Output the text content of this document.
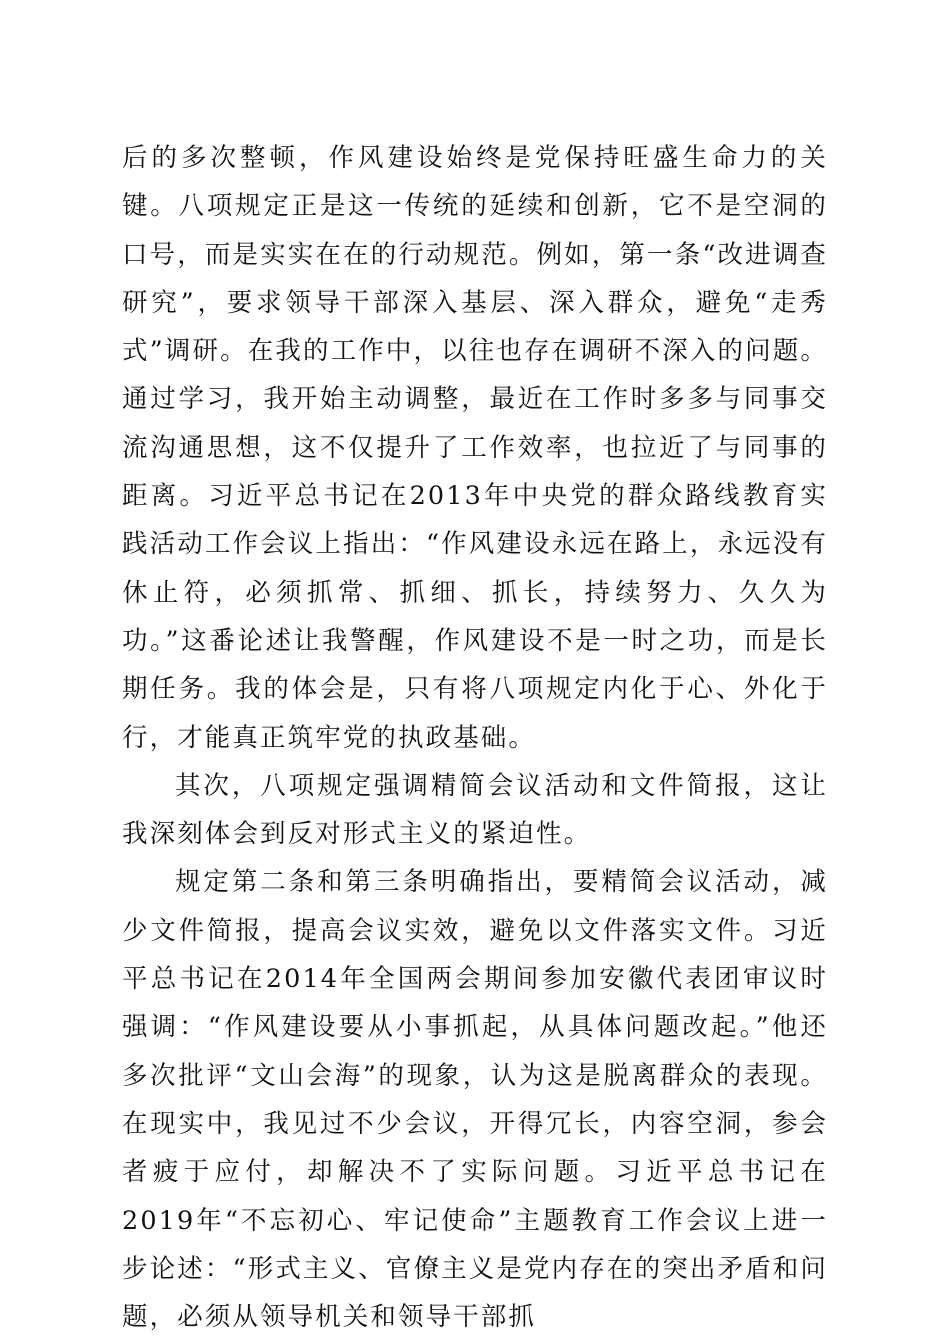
后的多次整顿，作风建设始终是党保持旺盛生命力的关键。八项规定正是这一传统的延续和创新，它不是空洞的口号，而是实实在在的行动规范。例如，第一条“改进调查研究”，要求领导干部深入基层、深入群众，避免“走秀式”调研。在我的工作中，以往也存在调研不深入的问题。通过学习，我开始主动调整，最近在工作时多多与同事交流沟通思想，这不仅提升了工作效率，也拉近了与同事的距离。习近平总书记在2013年中央党的群众路线教育实践活动工作会议上指出：“作风建设永远在路上，永远没有休止符，必须抓常、抓细、抓长，持续努力、久久为功。”这番论述让我警醒，作风建设不是一时之功，而是长期任务。我的体会是，只有将八项规定内化于心、外化于行，才能真正筑牢党的执政基础。

其次，八项规定强调精简会议活动和文件简报，这让我深刻体会到反对形式主义的紧迫性。

规定第二条和第三条明确指出，要精简会议活动，减少文件简报，提高会议实效，避免以文件落实文件。习近平总书记在2014年全国两会期间参加安徽代表团审议时强调：“作风建设要从小事抓起，从具体问题改起。”他还多次批评“文山会海”的现象，认为这是脱离群众的表现。在现实中，我见过不少会议，开得冗长，内容空洞，参会者疲于应付，却解决不了实际问题。习近平总书记在2019年“不忘初心、牢记使命”主题教育工作会议上进一步论述：“形式主义、官僚主义是党内存在的突出矛盾和问题，必须从领导机关和领导干部抓
